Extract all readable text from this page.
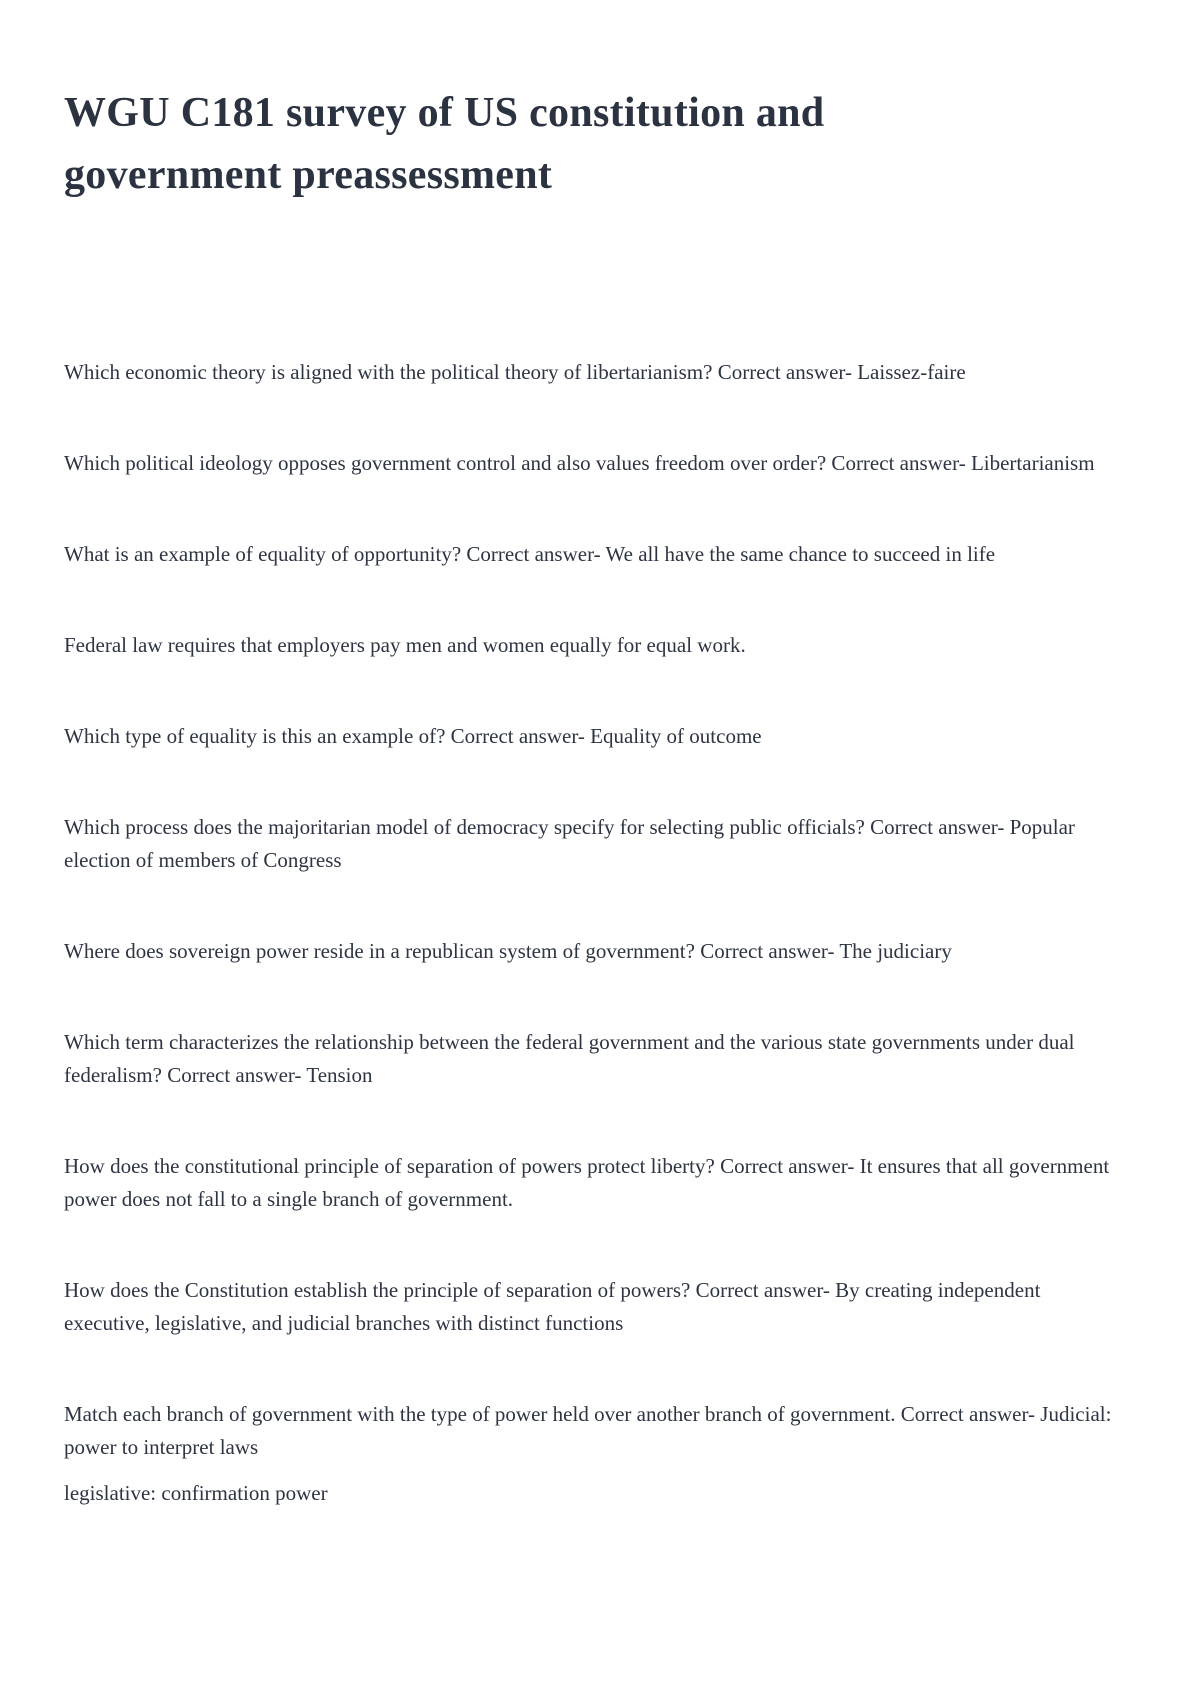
WGU C181 survey of US constitution and government preassessment

Which economic theory is aligned with the political theory of libertarianism? Correct answer- Laissez-faire

Which political ideology opposes government control and also values freedom over order? Correct answer- Libertarianism

What is an example of equality of opportunity? Correct answer- We all have the same chance to succeed in life

Federal law requires that employers pay men and women equally for equal work.

Which type of equality is this an example of? Correct answer- Equality of outcome

Which process does the majoritarian model of democracy specify for selecting public officials? Correct answer- Popular election of members of Congress

Where does sovereign power reside in a republican system of government? Correct answer- The judiciary

Which term characterizes the relationship between the federal government and the various state governments under dual federalism? Correct answer- Tension

How does the constitutional principle of separation of powers protect liberty? Correct answer- It ensures that all government power does not fall to a single branch of government.

How does the Constitution establish the principle of separation of powers? Correct answer- By creating independent executive, legislative, and judicial branches with distinct functions

Match each branch of government with the type of power held over another branch of government. Correct answer- Judicial: power to interpret laws

legislative: confirmation power
